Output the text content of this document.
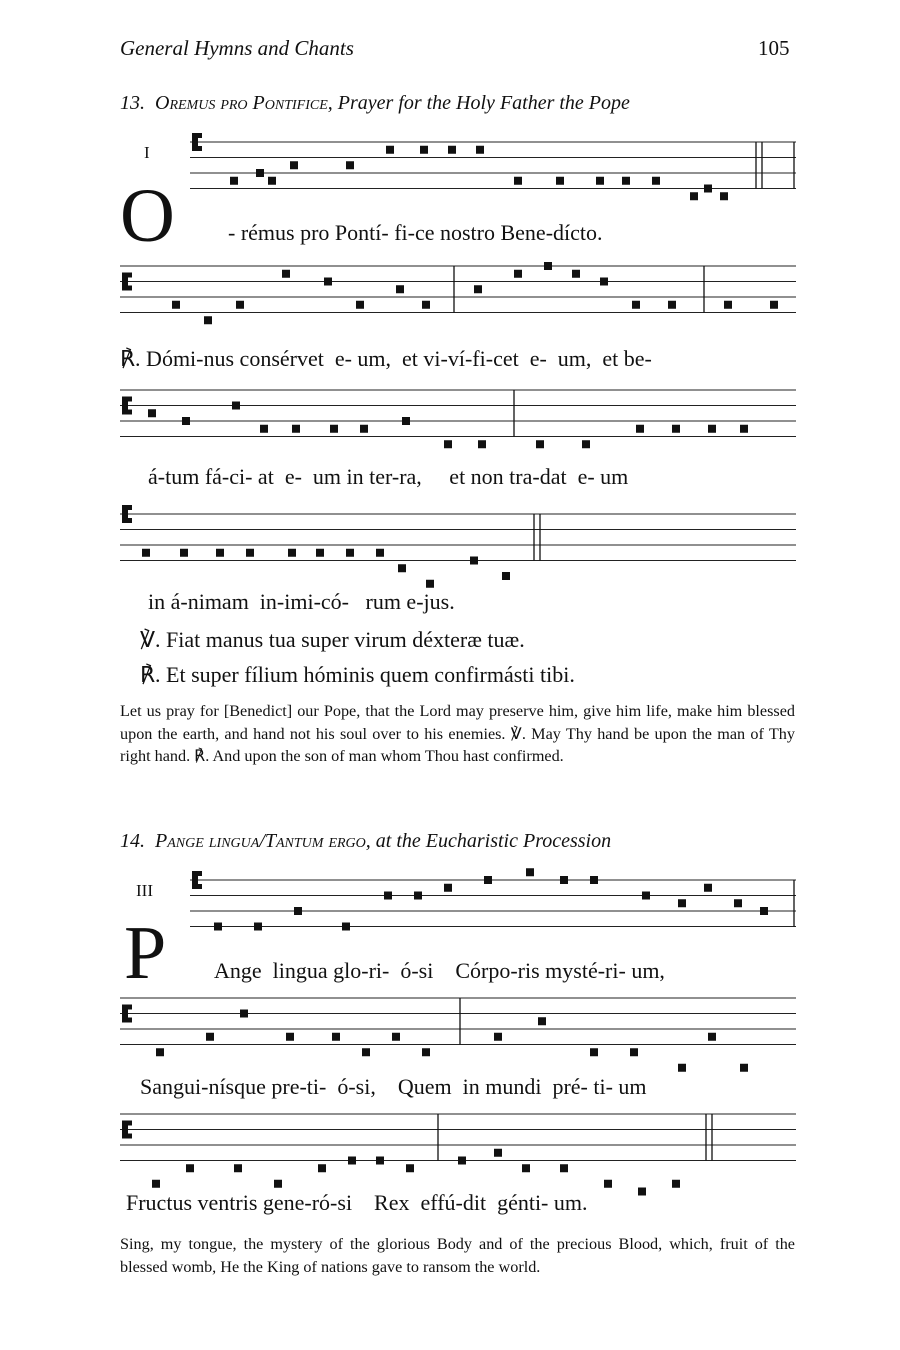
General Hymns and Chants	105
13. Oremus pro Pontifice, Prayer for the Holy Father the Pope
I
O - rémus pro Pontí- fi-ce nostro Bene-dícto.
℟. Dómi-nus consérvet  e- um,  et vi-ví-fi-cet  e-  um,  et be-
á-tum fá-ci- at  e-  um in ter-ra,     et non tra-dat  e- um
in á-nimam  in-imi-có-   rum e-jus.
℣. Fiat manus tua super virum déxteræ tuæ.
℟. Et super fílium hóminis quem confirmásti tibi.
Let us pray for [Benedict] our Pope, that the Lord may preserve him, give him life, make him blessed upon the earth, and hand not his soul over to his enemies. ℣. May Thy hand be upon the man of Thy right hand. ℟. And upon the son of man whom Thou hast confirmed.
14. Pange lingua/Tantum ergo, at the Eucharistic Procession
III
P Ange  lingua glo-ri-  ó-si    Córpo-ris mysté-ri- um,
Sangui-nísque pre-ti-  ó-si,    Quem  in mundi  pré- ti- um
Fructus ventris gene-ró-si    Rex  effú-dit  génti- um.
Sing, my tongue, the mystery of the glorious Body and of the precious Blood, which, fruit of the blessed womb, He the King of nations gave to ransom the world.
